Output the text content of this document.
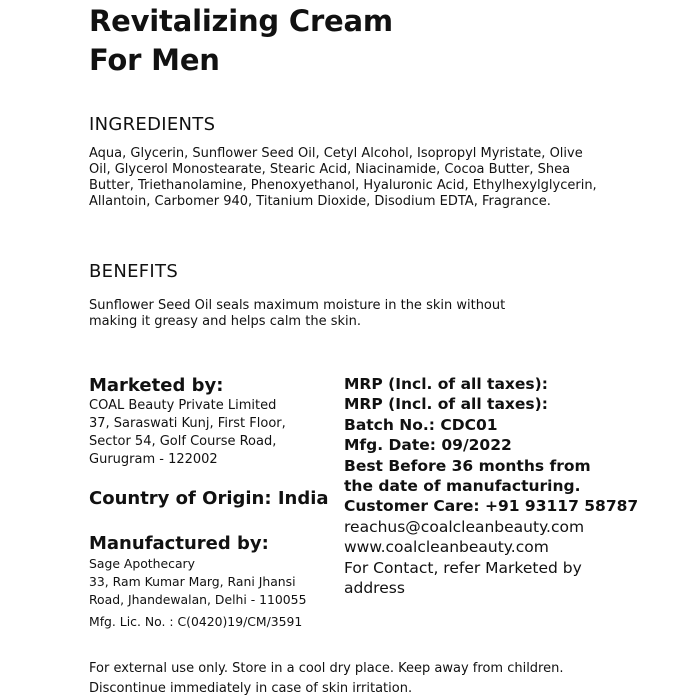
Revitalizing Cream
For Men
INGREDIENTS

Aqua, Glycerin, Sunflower Seed Oil, Cetyl Alcohol, Isopropyl Myristate, Olive

Oil, Glycerol Monostearate, Stearic Acid, Niacinamide, Cocoa Butter, Shea

Butter, Triethanolamine, Phenoxyethanol, Hyaluronic Acid, Ethylhexylglycerin,

Allantoin, Carbomer 940, Titanium Dioxide, Disodium EDTA, Fragrance.

BENEFITS

Sunflower Seed Oil seals maximum moisture in the skin without

making it greasy and helps calm the skin.

Marketed by:

COAL Beauty Private Limited

37, Saraswati Kunj, First Floor,

Sector 54, Golf Course Road,

Gurugram - 122002

Country of Origin: India
Manufactured by:

Sage Apothecary

33, Ram Kumar Marg, Rani Jhansi

Road, Jhandewalan, Delhi - 110055

Mfg. Lic. No. : C(0420)19/CM/3591

MRP (Incl. of all taxes):

MRP (Incl. of all taxes):

Batch No.: CDC01

Mfg. Date: 09/2022

Best Before 36 months from

the date of manufacturing.

Customer Care: +91 93117 58787

reachus@coalcleanbeauty.com

www.coalcleanbeauty.com

For Contact, refer Marketed by

address

For external use only. Store in a cool dry place. Keep away from children.

Discontinue immediately in case of skin irritation.
